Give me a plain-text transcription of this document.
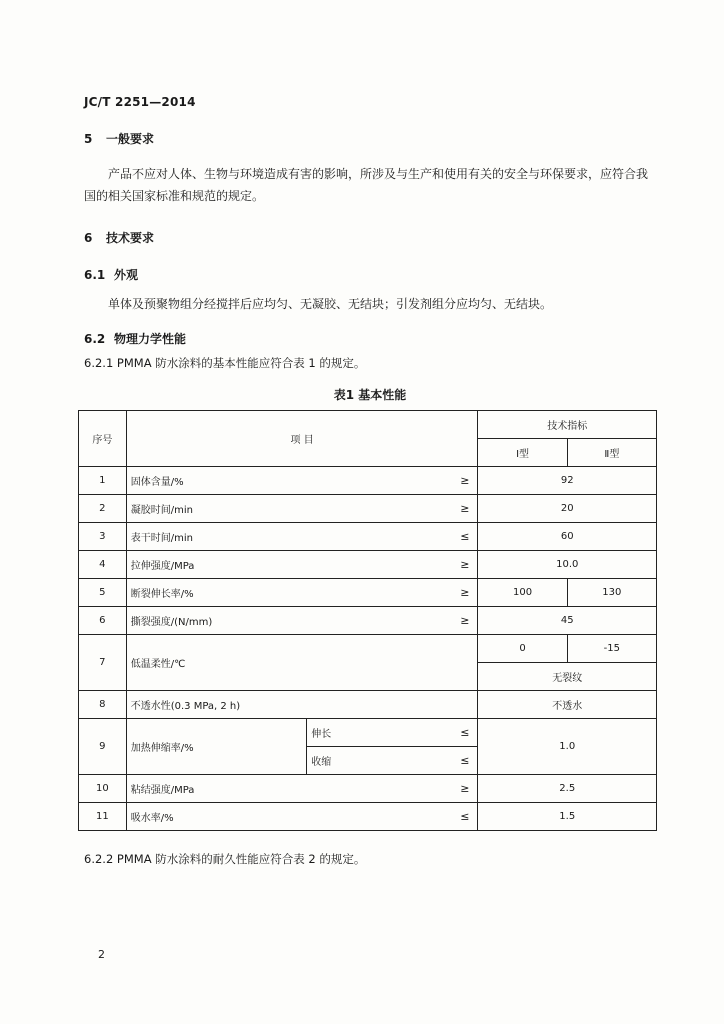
JC/T 2251—2014
5 一般要求
产品不应对人体、生物与环境造成有害的影响，所涉及与生产和使用有关的安全与环保要求，应符合我国的相关国家标准和规范的规定。
6 技术要求
6.1 外观
单体及预聚物组分经搅拌后应均匀、无凝胶、无结块；引发剂组分应均匀、无结块。
6.2 物理力学性能
6.2.1 PMMA 防水涂料的基本性能应符合表 1 的规定。
表1 基本性能
序号	项 目			技术指标	
				Ⅰ型	Ⅱ型
1	固体含量/%		≥	92	
2	凝胶时间/min		≥	20	
3	表干时间/min		≤	60	
4	拉伸强度/MPa		≥	10.0	
5	断裂伸长率/%		≥	100	130
6	撕裂强度/(N/mm)		≥	45	
7	低温柔性/℃			0	-15
				无裂纹	
8	不透水性(0.3 MPa, 2 h)			不透水	
9	加热伸缩率/%	伸长	≤	1.0	
		收缩	≤		
10	粘结强度/MPa		≥	2.5	
11	吸水率/%		≤	1.5	
6.2.2 PMMA 防水涂料的耐久性能应符合表 2 的规定。
2
